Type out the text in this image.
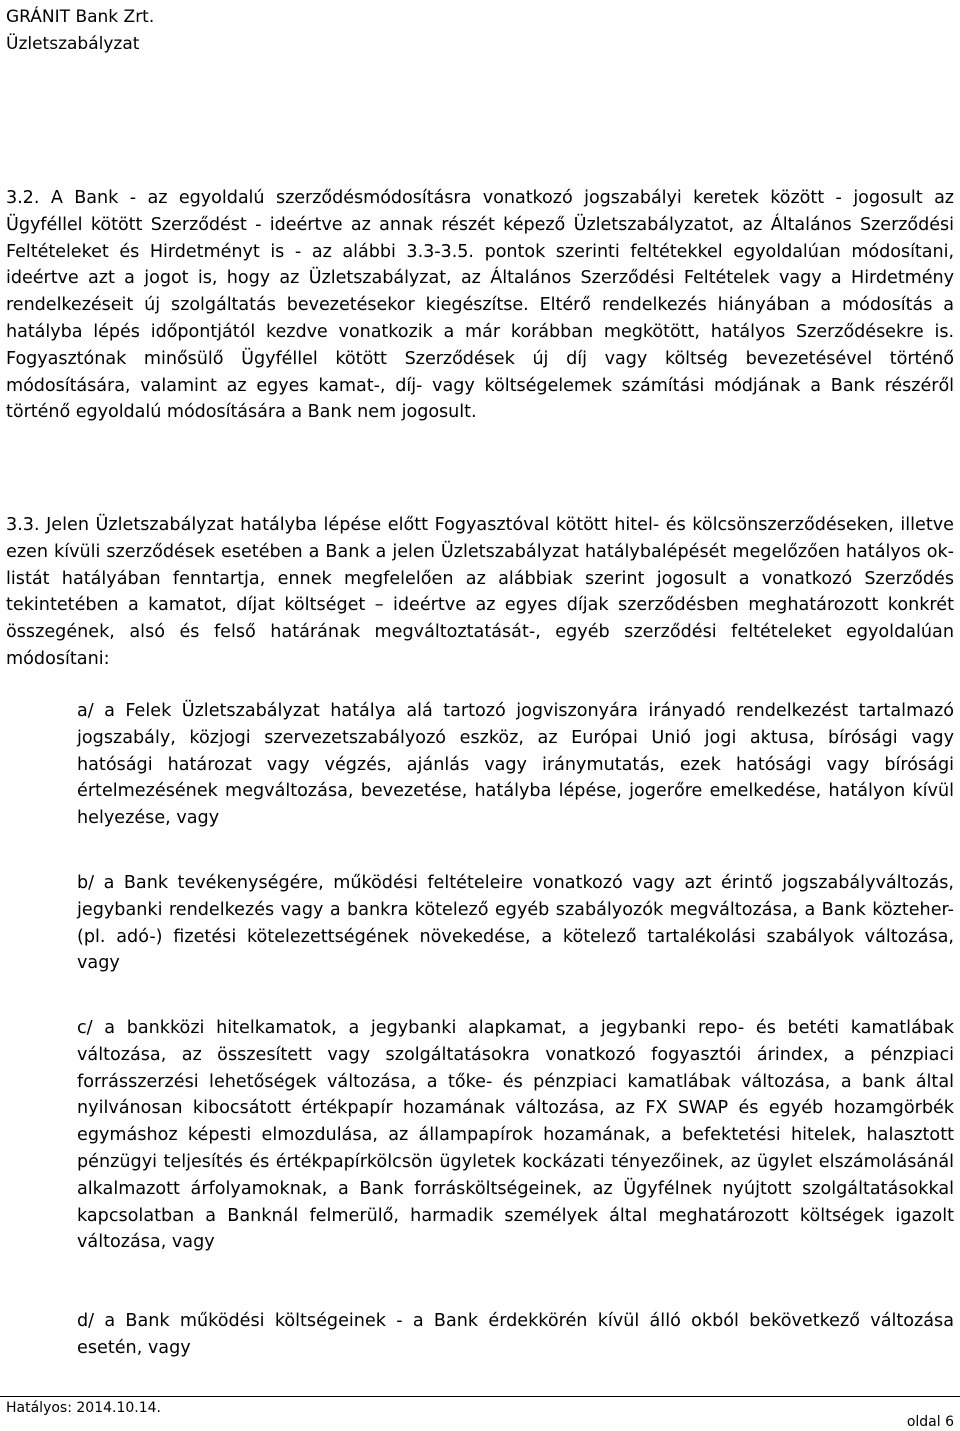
GRÁNIT Bank Zrt.
Üzletszabályzat

3.2. A Bank - az egyoldalú szerződésmódosításra vonatkozó jogszabályi keretek között - jogosult az Ügyféllel kötött Szerződést - ideértve az annak részét képező Üzletszabályzatot, az Általános Szerződési Feltételeket és Hirdetményt is - az alábbi 3.3-3.5. pontok szerinti feltétekkel egyoldalúan módosítani, ideértve azt a jogot is, hogy az Üzletszabályzat, az Általános Szerződési Feltételek vagy a Hirdetmény rendelkezéseit új szolgáltatás bevezetésekor kiegészítse. Eltérő rendelkezés hiányában a módosítás a hatályba lépés időpontjától kezdve vonatkozik a már korábban megkötött, hatályos Szerződésekre is. Fogyasztónak minősülő Ügyféllel kötött Szerződések új díj vagy költség bevezetésével történő módosítására, valamint az egyes kamat-, díj- vagy költségelemek számítási módjának a Bank részéről történő egyoldalú módosítására a Bank nem jogosult.

3.3. Jelen Üzletszabályzat hatályba lépése előtt Fogyasztóval kötött hitel- és kölcsönszerződéseken, illetve ezen kívüli szerződések esetében a Bank a jelen Üzletszabályzat hatálybalépését megelőzően hatályos ok-listát hatályában fenntartja, ennek megfelelően az alábbiak szerint jogosult a vonatkozó Szerződés tekintetében a kamatot, díjat költséget – ideértve az egyes díjak szerződésben meghatározott konkrét összegének, alsó és felső határának megváltoztatását-, egyéb szerződési feltételeket egyoldalúan módosítani:

a/ a Felek Üzletszabályzat hatálya alá tartozó jogviszonyára irányadó rendelkezést tartalmazó jogszabály, közjogi szervezetszabályozó eszköz, az Európai Unió jogi aktusa, bírósági vagy hatósági határozat vagy végzés, ajánlás vagy iránymutatás, ezek hatósági vagy bírósági értelmezésének megváltozása, bevezetése, hatályba lépése, jogerőre emelkedése, hatályon kívül helyezése, vagy

b/ a Bank tevékenységére, működési feltételeire vonatkozó vagy azt érintő jogszabályváltozás, jegybanki rendelkezés vagy a bankra kötelező egyéb szabályozók megváltozása, a Bank közteher- (pl. adó-) fizetési kötelezettségének növekedése, a kötelező tartalékolási szabályok változása, vagy

c/ a bankközi hitelkamatok, a jegybanki alapkamat, a jegybanki repo- és betéti kamatlábak változása, az összesített vagy szolgáltatásokra vonatkozó fogyasztói árindex, a pénzpiaci forrásszerzési lehetőségek változása, a tőke- és pénzpiaci kamatlábak változása, a bank által nyilvánosan kibocsátott értékpapír hozamának változása, az FX SWAP és egyéb hozamgörbék egymáshoz képesti elmozdulása, az állampapírok hozamának, a befektetési hitelek, halasztott pénzügyi teljesítés és értékpapírkölcsön ügyletek kockázati tényezőinek, az ügylet elszámolásánál alkalmazott árfolyamoknak, a Bank forrásköltségeinek, az Ügyfélnek nyújtott szolgáltatásokkal kapcsolatban a Banknál felmerülő, harmadik személyek által meghatározott költségek igazolt változása, vagy

d/ a Bank működési költségeinek - a Bank érdekkörén kívül álló okból bekövetkező változása esetén, vagy

Hatályos: 2014.10.14.
oldal 6
